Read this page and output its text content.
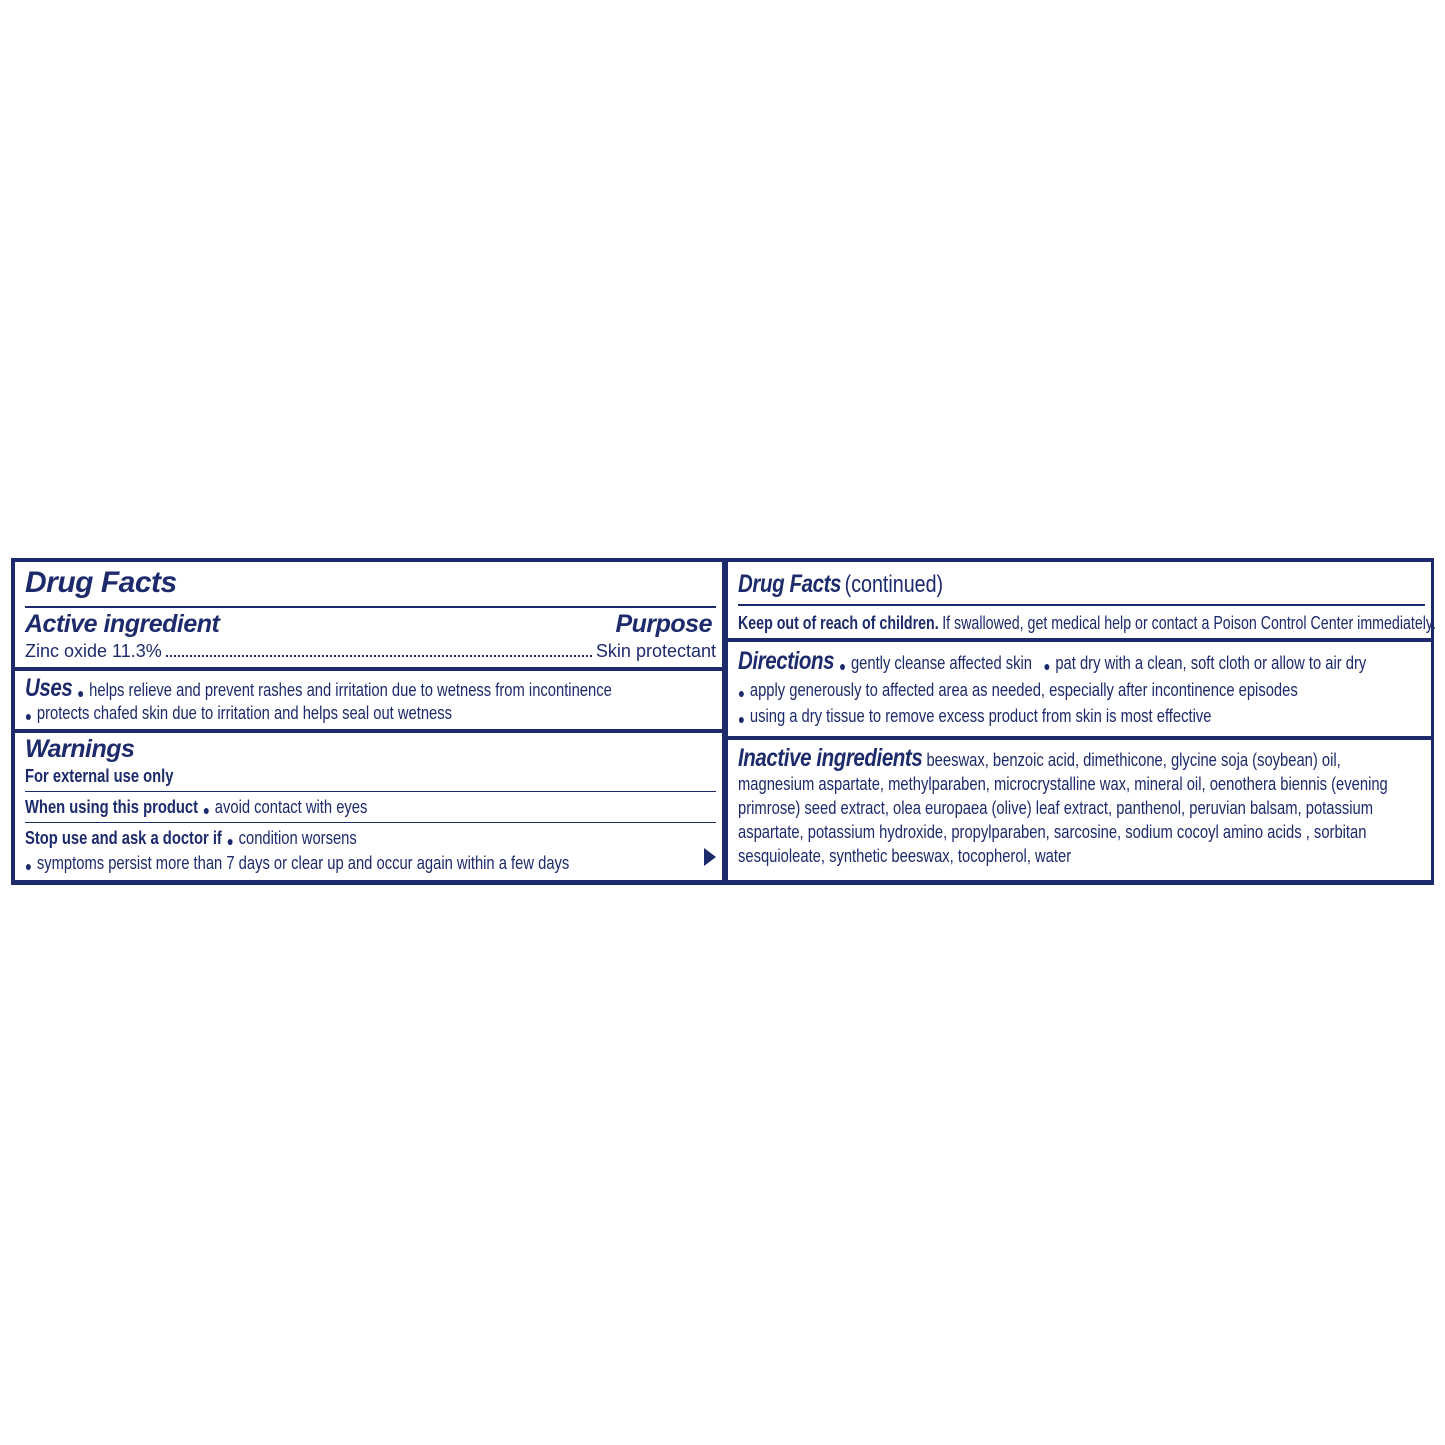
Drug Facts
Active ingredient	Purpose
Zinc oxide 11.3%	Skin protectant
Uses ● helps relieve and prevent rashes and irritation due to wetness from incontinence
● protects chafed skin due to irritation and helps seal out wetness
Warnings
For external use only
When using this product ● avoid contact with eyes
Stop use and ask a doctor if ● condition worsens
● symptoms persist more than 7 days or clear up and occur again within a few days
Drug Facts (continued)
Keep out of reach of children. If swallowed, get medical help or contact a Poison Control Center immediately.
Directions ● gently cleanse affected skin ● pat dry with a clean, soft cloth or allow to air dry
● apply generously to affected area as needed, especially after incontinence episodes
● using a dry tissue to remove excess product from skin is most effective
Inactive ingredients beeswax, benzoic acid, dimethicone, glycine soja (soybean) oil, magnesium aspartate, methylparaben, microcrystalline wax, mineral oil, oenothera biennis (evening primrose) seed extract, olea europaea (olive) leaf extract, panthenol, peruvian balsam, potassium aspartate, potassium hydroxide, propylparaben, sarcosine, sodium cocoyl amino acids , sorbitan sesquioleate, synthetic beeswax, tocopherol, water
